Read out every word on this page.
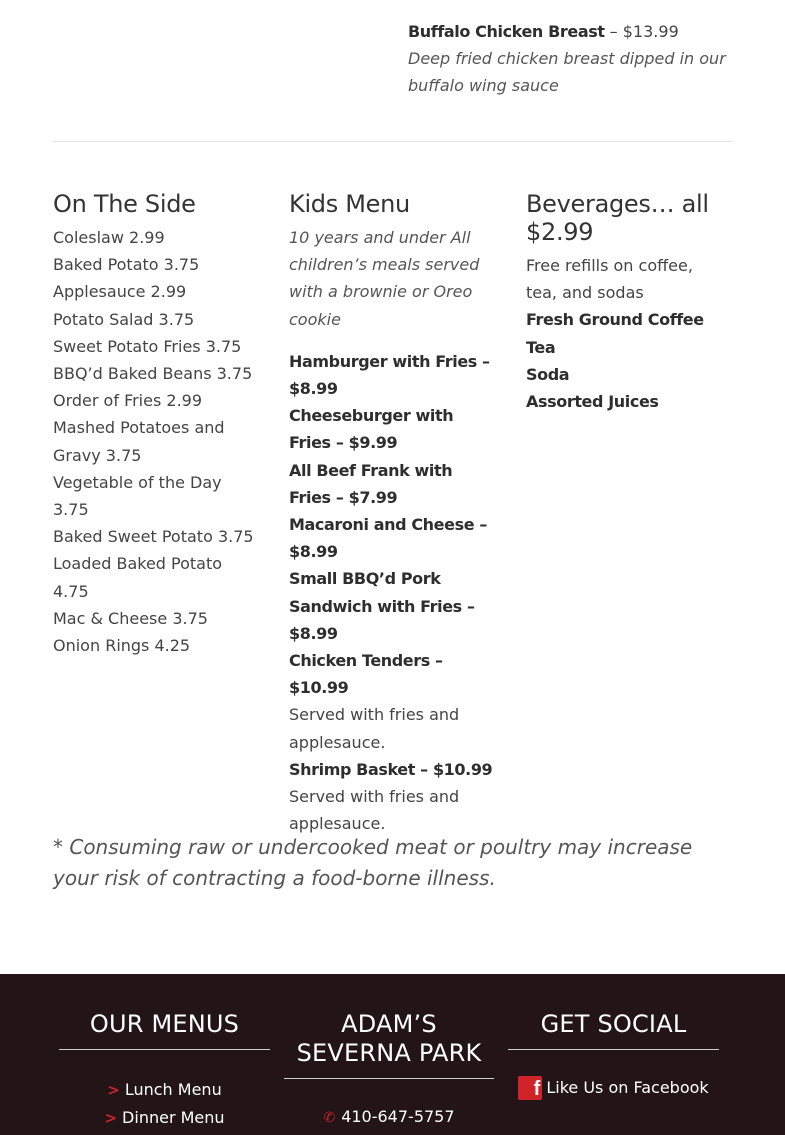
Buffalo Chicken Breast – $13.99
Deep fried chicken breast dipped in our buffalo wing sauce
On The Side
Coleslaw 2.99
Baked Potato 3.75
Applesauce 2.99
Potato Salad 3.75
Sweet Potato Fries 3.75
BBQ’d Baked Beans 3.75
Order of Fries 2.99
Mashed Potatoes and Gravy 3.75
Vegetable of the Day 3.75
Baked Sweet Potato 3.75
Loaded Baked Potato 4.75
Mac & Cheese 3.75
Onion Rings 4.25
Kids Menu
10 years and under All children’s meals served with a brownie or Oreo cookie
Hamburger with Fries – $8.99
Cheeseburger with Fries – $9.99
All Beef Frank with Fries – $7.99
Macaroni and Cheese – $8.99
Small BBQ’d Pork Sandwich with Fries – $8.99
Chicken Tenders – $10.99
Served with fries and applesauce.
Shrimp Basket – $10.99
Served with fries and applesauce.
Beverages… all $2.99
Free refills on coffee, tea, and sodas
Fresh Ground Coffee
Tea
Soda
Assorted Juices
* Consuming raw or undercooked meat or poultry may increase your risk of contracting a food-borne illness.
OUR MENUS
> Lunch Menu
> Dinner Menu
ADAM’S SEVERNA PARK
✆ 410-647-5757
GET SOCIAL
f Like Us on Facebook
